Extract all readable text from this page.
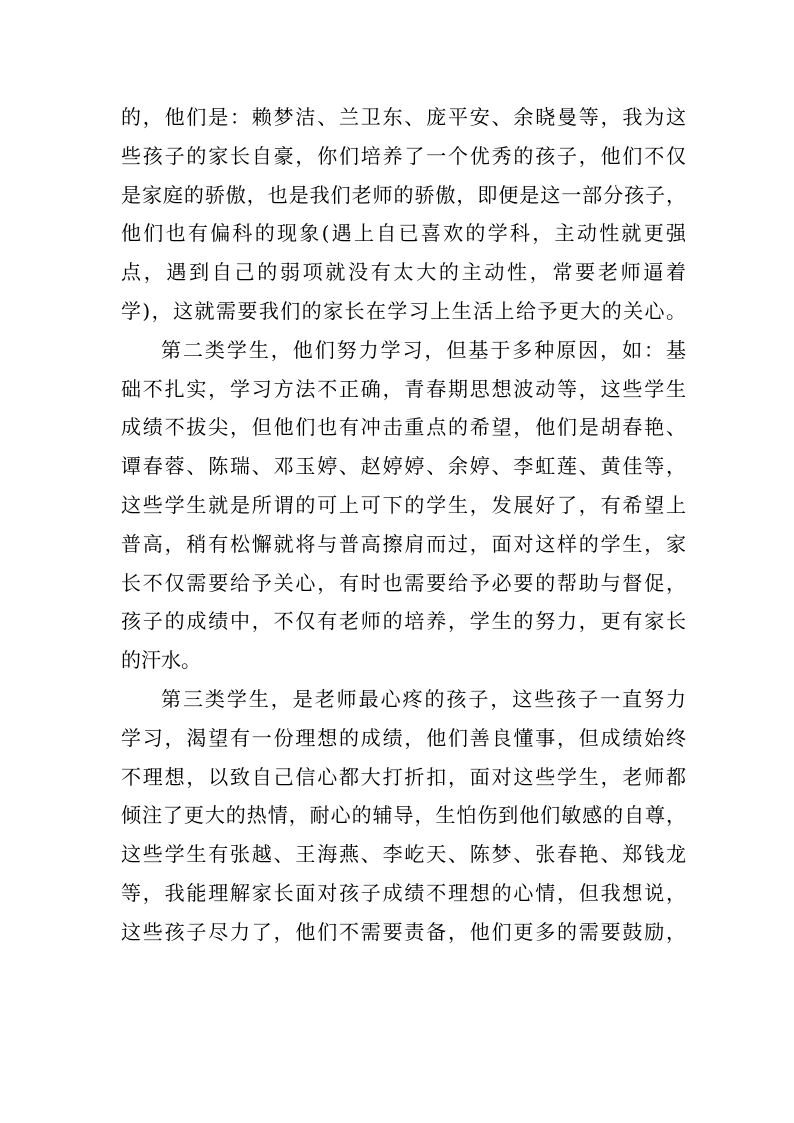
的，他们是：赖梦洁、兰卫东、庞平安、余晓曼等，我为这
些孩子的家长自豪，你们培养了一个优秀的孩子，他们不仅
是家庭的骄傲，也是我们老师的骄傲，即便是这一部分孩子，
他们也有偏科的现象(遇上自已喜欢的学科，主动性就更强
点，遇到自己的弱项就没有太大的主动性，常要老师逼着
学)，这就需要我们的家长在学习上生活上给予更大的关心。
第二类学生，他们努力学习，但基于多种原因，如：基
础不扎实，学习方法不正确，青春期思想波动等，这些学生
成绩不拔尖，但他们也有冲击重点的希望，他们是胡春艳、
谭春蓉、陈瑞、邓玉婷、赵婷婷、余婷、李虹莲、黄佳等，
这些学生就是所谓的可上可下的学生，发展好了，有希望上
普高，稍有松懈就将与普高擦肩而过，面对这样的学生，家
长不仅需要给予关心，有时也需要给予必要的帮助与督促，
孩子的成绩中，不仅有老师的培养，学生的努力，更有家长
的汗水。
第三类学生，是老师最心疼的孩子，这些孩子一直努力
学习，渴望有一份理想的成绩，他们善良懂事，但成绩始终
不理想，以致自己信心都大打折扣，面对这些学生，老师都
倾注了更大的热情，耐心的辅导，生怕伤到他们敏感的自尊，
这些学生有张越、王海燕、李屹天、陈梦、张春艳、郑钱龙
等，我能理解家长面对孩子成绩不理想的心情，但我想说，
这些孩子尽力了，他们不需要责备，他们更多的需要鼓励，
